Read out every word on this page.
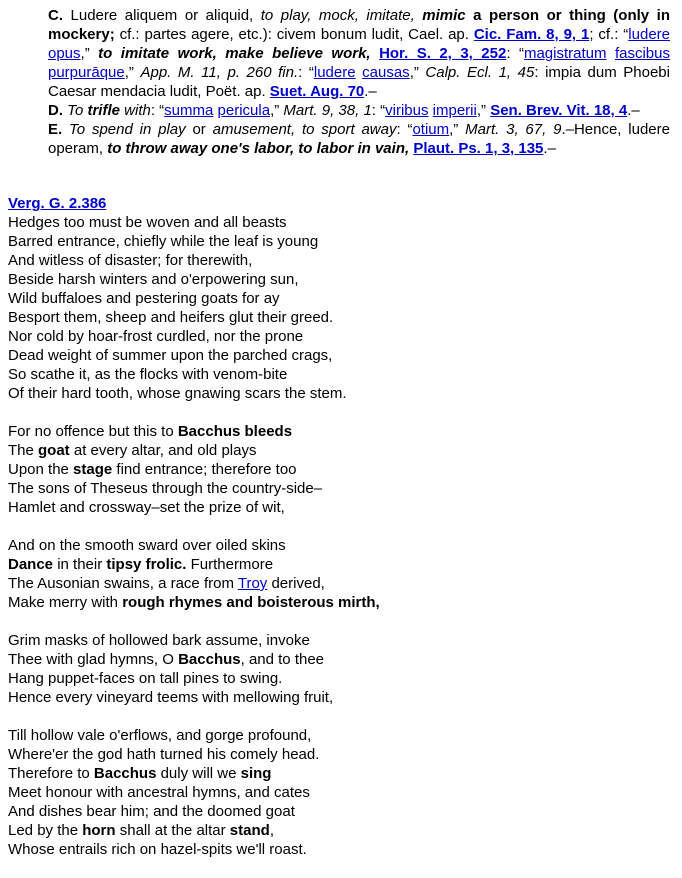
C. Ludere aliquem or aliquid, to play, mock, imitate, mimic a person or thing (only in mockery; cf.: partes agere, etc.): civem bonum ludit, Cael. ap. Cic. Fam. 8, 9, 1; cf.: “ludere opus,” to imitate work, make believe work, Hor. S. 2, 3, 252: “magistratum fascibus purpurāque,” App. M. 11, p. 260 fin.: “ludere causas,” Calp. Ecl. 1, 45: impia dum Phoebi Caesar mendacia ludit, Poët. ap. Suet. Aug. 70.–

D. To trifle with: “summa pericula,” Mart. 9, 38, 1: “viribus imperii,” Sen. Brev. Vit. 18, 4.–

E. To spend in play or amusement, to sport away: “otium,” Mart. 3, 67, 9.–Hence, ludere operam, to throw away one's labor, to labor in vain, Plaut. Ps. 1, 3, 135.–

Verg. G. 2.386
Hedges too must be woven and all beasts
Barred entrance, chiefly while the leaf is young
And witless of disaster; for therewith,
Beside harsh winters and o'erpowering sun,
Wild buffaloes and pestering goats for ay
Besport them, sheep and heifers glut their greed.
Nor cold by hoar-frost curdled, nor the prone
Dead weight of summer upon the parched crags,
So scathe it, as the flocks with venom-bite
Of their hard tooth, whose gnawing scars the stem.
For no offence but this to Bacchus bleeds
The goat at every altar, and old plays
Upon the stage find entrance; therefore too
The sons of Theseus through the country-side–
Hamlet and crossway–set the prize of wit,
And on the smooth sward over oiled skins
Dance in their tipsy frolic. Furthermore
The Ausonian swains, a race from Troy derived,
Make merry with rough rhymes and boisterous mirth,
Grim masks of hollowed bark assume, invoke
Thee with glad hymns, O Bacchus, and to thee
Hang puppet-faces on tall pines to swing.
Hence every vineyard teems with mellowing fruit,
Till hollow vale o'erflows, and gorge profound,
Where'er the god hath turned his comely head.
Therefore to Bacchus duly will we sing
Meet honour with ancestral hymns, and cates
And dishes bear him; and the doomed goat
Led by the horn shall at the altar stand,
Whose entrails rich on hazel-spits we'll roast.
